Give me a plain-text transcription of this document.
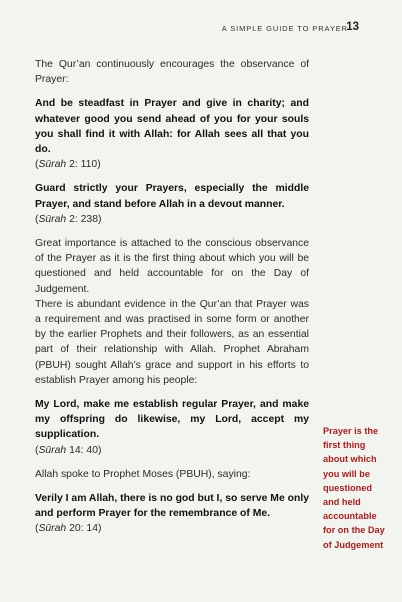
A SIMPLE GUIDE TO PRAYER
13

The Qur’an continuously encourages the observance of Prayer:

And be steadfast in Prayer and give in charity; and whatever good you send ahead of you for your souls you shall find it with Allah: for Allah sees all that you do.

(Sūrah 2: 110)

Guard strictly your Prayers, especially the middle Prayer, and stand before Allah in a devout manner.

(Sūrah 2: 238)

Great importance is attached to the conscious observance of the Prayer as it is the first thing about which you will be questioned and held accountable for on the Day of Judgement.

There is abundant evidence in the Qur’an that Prayer was a requirement and was practised in some form or another by the earlier Prophets and their followers, as an essential part of their relationship with Allah. Prophet Abraham (PBUH) sought Allah’s grace and support in his efforts to establish Prayer among his people:

My Lord, make me establish regular Prayer, and make my offspring do likewise, my Lord, accept my supplication.

(Sūrah 14: 40)

Allah spoke to Prophet Moses (PBUH), saying:

Verily I am Allah, there is no god but I, so serve Me only and perform Prayer for the remembrance of Me.

(Sūrah 20: 14)

Prayer is the first thing about which you will be questioned and held accountable for on the Day of Judgement
